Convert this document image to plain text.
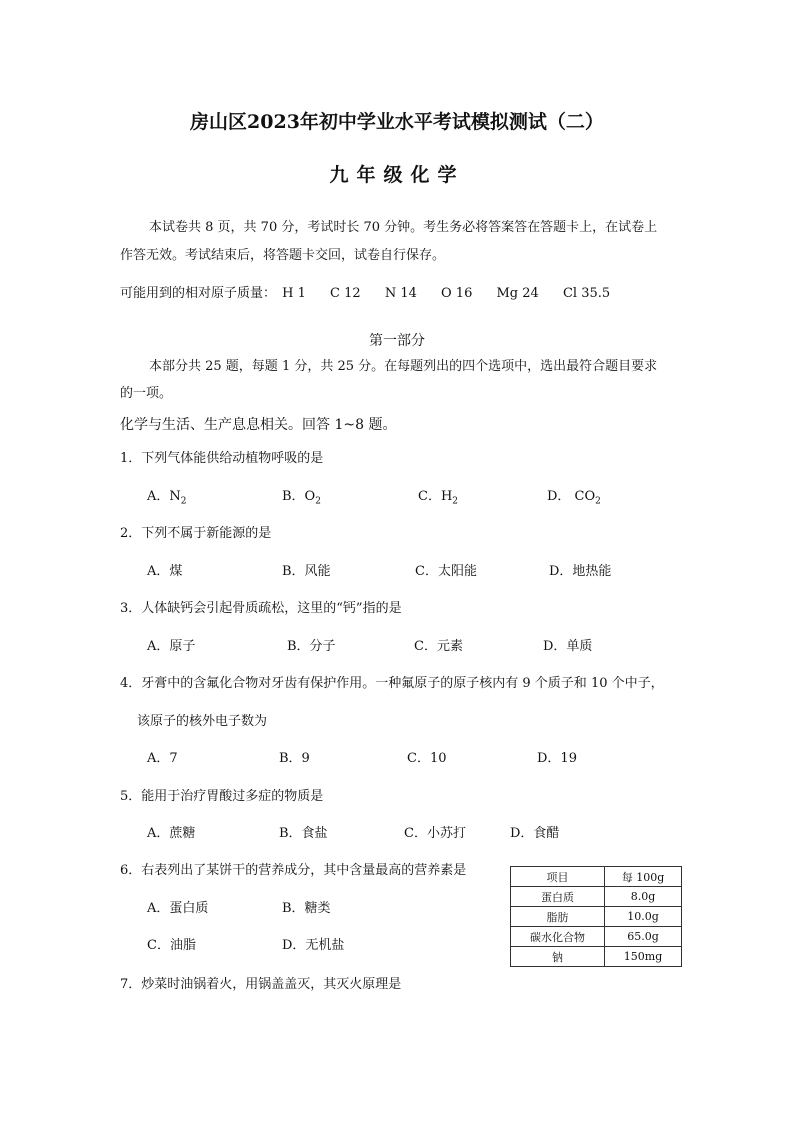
房山区2023年初中学业水平考试模拟测试（二）
九年级化学
本试卷共 8 页，共 70 分，考试时长 70 分钟。考生务必将答案答在答题卡上，在试卷上
作答无效。考试结束后，将答题卡交回，试卷自行保存。
可能用到的相对原子质量： H 1 C 12 N 14 O 16 Mg 24 Cl 35.5
第一部分
本部分共 25 题，每题 1 分，共 25 分。在每题列出的四个选项中，选出最符合题目要求
的一项。
化学与生活、生产息息相关。回答 1~8 题。
1．下列气体能供给动植物呼吸的是
A．$N_2$	B．$O_2$	C．$H_2$	D． $CO_2$
2．下列不属于新能源的是
A．煤	B．风能	C．太阳能	D．地热能
3．人体缺钙会引起骨质疏松，这里的“钙”指的是
A．原子	B．分子	C．元素	D．单质
4．牙膏中的含氟化合物对牙齿有保护作用。一种氟原子的原子核内有 9 个质子和 10 个中子，
该原子的核外电子数为
A．7	B．9	C．10	D．19
5．能用于治疗胃酸过多症的物质是
A．蔗糖	B．食盐	C．小苏打	D．食醋
6．右表列出了某饼干的营养成分，其中含量最高的营养素是
A．蛋白质	B．糖类
C．油脂	D．无机盐
项目	每 100g
蛋白质	8.0g
脂肪	10.0g
碳水化合物	65.0g
钠	150mg
7．炒菜时油锅着火，用锅盖盖灭，其灭火原理是
